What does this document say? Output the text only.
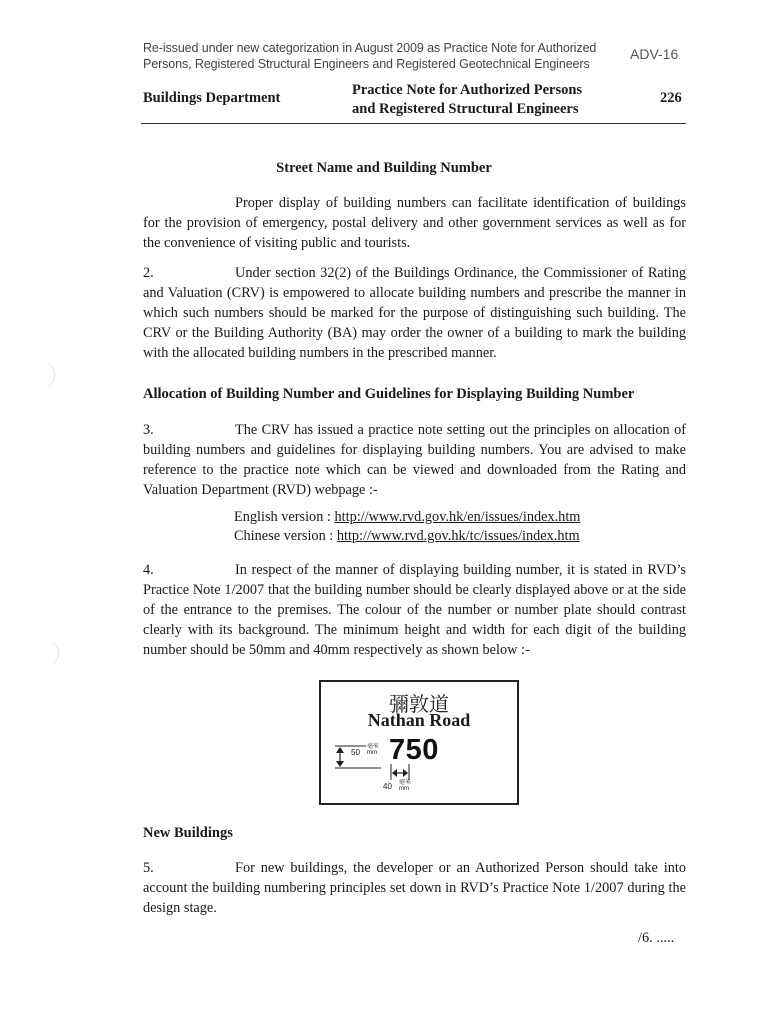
Re-issued under new categorization in August 2009 as Practice Note for Authorized
Persons, Registered Structural Engineers and Registered Geotechnical Engineers
ADV-16
Buildings Department	Practice Note for Authorized Persons
and Registered Structural Engineers
226
Street Name and Building Number
Proper display of building numbers can facilitate identification of buildings for the provision of emergency, postal delivery and other government services as well as for the convenience of visiting public and tourists.
2.	Under section 32(2) of the Buildings Ordinance, the Commissioner of Rating and Valuation (CRV) is empowered to allocate building numbers and prescribe the manner in which such numbers should be marked for the purpose of distinguishing such building. The CRV or the Building Authority (BA) may order the owner of a building to mark the building with the allocated building numbers in the prescribed manner.
Allocation of Building Number and Guidelines for Displaying Building Number
3.	The CRV has issued a practice note setting out the principles on allocation of building numbers and guidelines for displaying building numbers. You are advised to make reference to the practice note which can be viewed and downloaded from the Rating and Valuation Department (RVD) webpage :-
English version : http://www.rvd.gov.hk/en/issues/index.htm
Chinese version : http://www.rvd.gov.hk/tc/issues/index.htm
4.	In respect of the manner of displaying building number, it is stated in RVD’s Practice Note 1/2007 that the building number should be clearly displayed above or at the side of the entrance to the premises. The colour of the number or number plate should contrast clearly with its background. The minimum height and width for each digit of the building number should be 50mm and 40mm respectively as shown below :-
彌敦道
Nathan Road
750
50
毫米
mm
40 毫米
mm
New Buildings
5.	For new buildings, the developer or an Authorized Person should take into account the building numbering principles set down in RVD’s Practice Note 1/2007 during the design stage.
/6. .....
